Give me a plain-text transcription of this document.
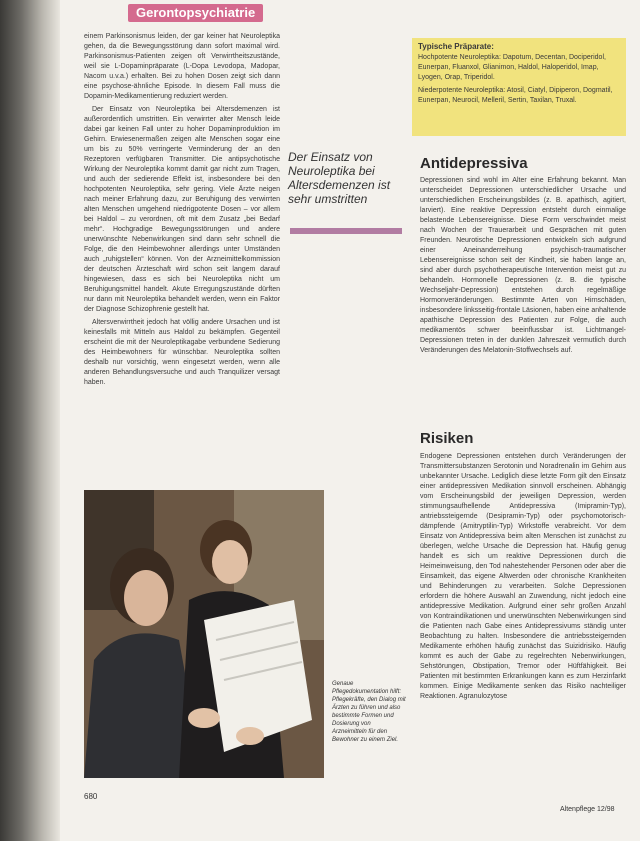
Gerontopsychiatrie

einem Parkinsonismus leiden, der gar keiner hat Neuroleptika gehen, da die Bewegungsstörung dann sofort maximal wird. Parkinsonismus-Patienten zeigen oft Verwirrtheitszustände, weil sie L-Dopaminpräparate (L-Dopa Levodopa, Madopar, Nacom u.v.a.) erhalten. Bei zu hohen Dosen zeigt sich dann eine psychose-ähnliche Episode. In diesem Fall muss die Dopamin-Medikamentierung reduziert werden.

Der Einsatz von Neuroleptika bei Altersdemenzen ist außerordentlich umstritten. Ein verwirrter alter Mensch leide dabei gar keinen Fall unter zu hoher Dopaminproduktion im Gehirn. Erwiesenermaßen zeigen alte Menschen sogar eine um bis zu 50% verringerte Verminderung der an den Rezeptoren verfügbaren Transmitter. Die antipsychotische Wirkung der Neuroleptika kommt damit gar nicht zum Tragen, und auch der sedierende Effekt ist, insbesondere bei den hochpotenten Neuroleptika, sehr gering. Viele Ärzte neigen nach meiner Erfahrung dazu, zur Beruhigung des verwirrten alten Menschen umgehend niedrigpotente Dosen – vor allem bei Haldol – zu verordnen, oft mit dem Zusatz „bei Bedarf mehr“. Hochgradige Bewegungsstörungen und andere unerwünschte Nebenwirkungen sind dann sehr schnell die Folge, die den Heimbewohner allerdings unter Umständen auch „ruhigstellen“ können. Von der Arzneimittelkommission der deutschen Ärzteschaft wird schon seit langem darauf hingewiesen, dass es sich bei Neuroleptika nicht um Beruhigungsmittel handelt. Akute Erregungszustände dürften nur dann mit Neuroleptika behandelt werden, wenn ein Faktor der Diagnose Schizophrenie gestellt hat.

Altersverwirrtheit jedoch hat völlig andere Ursachen und ist keinesfalls mit Mitteln aus Haldol zu bekämpfen. Gegenteil erscheint die mit der Neuroleptikagabe verbundene Sedierung des Heimbewohners für wünschbar. Neuroleptika sollten deshalb nur vorsichtig, wenn eingesetzt werden, wenn alle anderen Behandlungsversuche und auch Tranquilizer versagt haben.

Der Einsatz von Neuroleptika bei Altersdemenzen ist sehr umstritten
Typische Präparate:

Hochpotente Neuroleptika: Dapotum, Decentan, Dociperidol, Eunerpan, Fluanxol, Glianimon, Haldol, Haloperidol, Imap, Lyogen, Orap, Triperidol.

Niederpotente Neuroleptika: Atosil, Ciatyl, Dipiperon, Dogmatil, Eunerpan, Neurocil, Melleril, Sertin, Taxilan, Truxal.

Antidepressiva

Depressionen sind wohl im Alter eine Erfahrung bekannt. Man unterscheidet Depressionen unterschiedlicher Ursache und unterschiedlichen Erscheinungsbildes (z. B. apathisch, agitiert, larviert). Eine reaktive Depression entsteht durch einmalige belastende Lebensereignisse. Diese Form verschwindet meist nach Wochen der Trauerarbeit und Gesprächen mit guten Freunden. Neurotische Depressionen entwickeln sich aufgrund einer Aneinanderreihung psychisch-traumatischer Lebensereignisse schon seit der Kindheit, sie haben lange an, sind aber durch psychotherapeutische Intervention meist gut zu behandeln. Hormonelle Depressionen (z. B. die typische Wechseljahr-Depression) entstehen durch regelmäßige Hormonveränderungen. Bestimmte Arten von Hirnschäden, insbesondere linksseitig-frontale Läsionen, haben eine anhaltende apathische Depression des Patienten zur Folge, die auch medikamentös schwer beeinflussbar ist. Lichtmangel-Depressionen treten in der dunklen Jahreszeit vermutlich durch Veränderungen des Melatonin-Stoffwechsels auf.

Risiken

Endogene Depressionen entstehen durch Veränderungen der Transmittersubstanzen Serotonin und Noradrenalin im Gehirn aus unbekannter Ursache. Lediglich diese letzte Form gilt den Einsatz einer antidepressiven Medikation sinnvoll erscheinen. Abhängig vom Erscheinungsbild der jeweiligen Depression, werden stimmungsaufhellende Antidepressiva (Imipramin-Typ), antriebssteigernde (Desipramin-Typ) oder psychomotorisch-dämpfende (Amitryptilin-Typ) Wirkstoffe verabreicht. Vor dem Einsatz von Antidepressiva beim alten Menschen ist zunächst zu überlegen, welche Ursache die Depression hat. Häufig genug handelt es sich um reaktive Depressionen durch die Heimeinweisung, den Tod nahestehender Personen oder aber die Einsamkeit, das eigene Altwerden oder chronische Krankheiten und Behinderungen zu verarbeiten. Solche Depressionen erfordern die höhere Auswahl an Zuwendung, nicht jedoch eine antidepressive Medikation. Aufgrund einer sehr großen Anzahl von Kontraindikationen und unerwünschten Nebenwirkungen sind die Patienten nach Gabe eines Antidepressivums ständig unter Beobachtung zu halten. Insbesondere die antriebssteigernden Medikamente erhöhen häufig zunächst das Suizidrisiko. Häufig kommt es auch der Gabe zu regelrechten Nebenwirkungen, Sehstörungen, Obstipation, Tremor oder Hüftfähigkeit. Bei Patienten mit bestimmten Erkrankungen kann es zum Herzinfarkt kommen. Einige Medikamente senken das Risiko nachteiliger Reaktionen. Agranulozytose

Genaue Pflegedokumentation hilft: Pflegekräfte, den Dialog mit Ärzten zu führen und also bestimmte Formen und Dosierung von Arzneimitteln für den Bewohner zu einem Ziel.
680
Altenpflege 12/98
